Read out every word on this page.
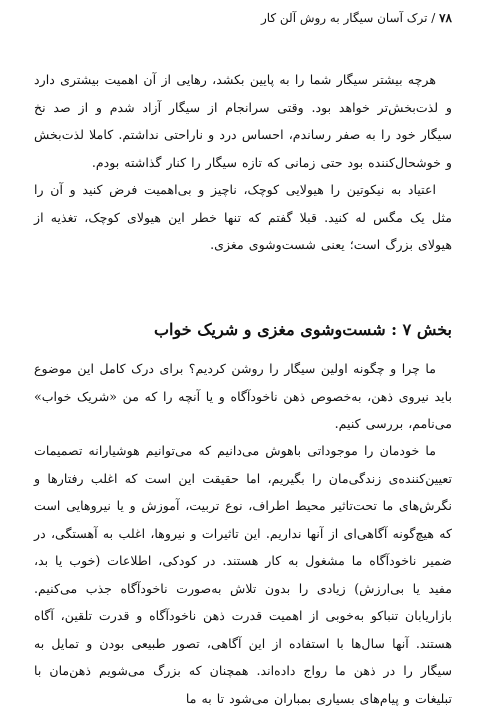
۷۸ / ترک آسان سیگار به روش آلن کار

هرچه بیشتر سیگار شما را به پایین بکشد، رهایی از آن اهمیت بیشتری دارد و لذت‌بخش‌تر خواهد بود. وقتی سرانجام از سیگار آزاد شدم و از صد نخ سیگار خود را به صفر رساندم، احساس درد و ناراحتی نداشتم. کاملا لذت‌بخش و خوشحال‌کننده بود حتی زمانی که تازه سیگار را کنار گذاشته بودم.

اعتیاد به نیکوتین را هیولایی کوچک، ناچیز و بی‌اهمیت فرض کنید و آن را مثل یک مگس له کنید. قبلا گفتم که تنها خطر این هیولای کوچک، تغذیه از هیولای بزرگ است؛ یعنی شست‌وشوی مغزی.

بخش ۷ : شست‌وشوی مغزی و شریک خواب

ما چرا و چگونه اولین سیگار را روشن کردیم؟ برای درک کامل این موضوع باید نیروی ذهن، به‌خصوص ذهن ناخودآگاه و یا آنچه را که من «شریک خواب» می‌نامم، بررسی کنیم.

ما خودمان را موجوداتی باهوش می‌دانیم که می‌توانیم هوشیارانه تصمیمات تعیین‌کننده‌ی زندگی‌مان را بگیریم، اما حقیقت این است که اغلب رفتارها و نگرش‌های ما تحت‌تاثیر محیط اطراف، نوع تربیت، آموزش و یا نیروهایی است که هیچ‌گونه آگاهی‌ای از آنها نداریم. این تاثیرات و نیروها، اغلب به آهستگی، در ضمیر ناخودآگاه ما مشغول به کار هستند. در کودکی، اطلاعات (خوب یا بد، مفید یا بی‌ارزش) زیادی را بدون تلاش به‌صورت ناخودآگاه جذب می‌کنیم. بازاریابان تنباکو به‌خوبی از اهمیت قدرت ذهن ناخودآگاه و قدرت تلقین، آگاه هستند. آنها سال‌ها با استفاده از این آگاهی، تصور طبیعی بودن و تمایل به سیگار را در ذهن ما رواج داده‌اند. همچنان که بزرگ می‌شویم ذهن‌مان با تبلیغات و پیام‌های بسیاری بمباران می‌شود تا به ما
